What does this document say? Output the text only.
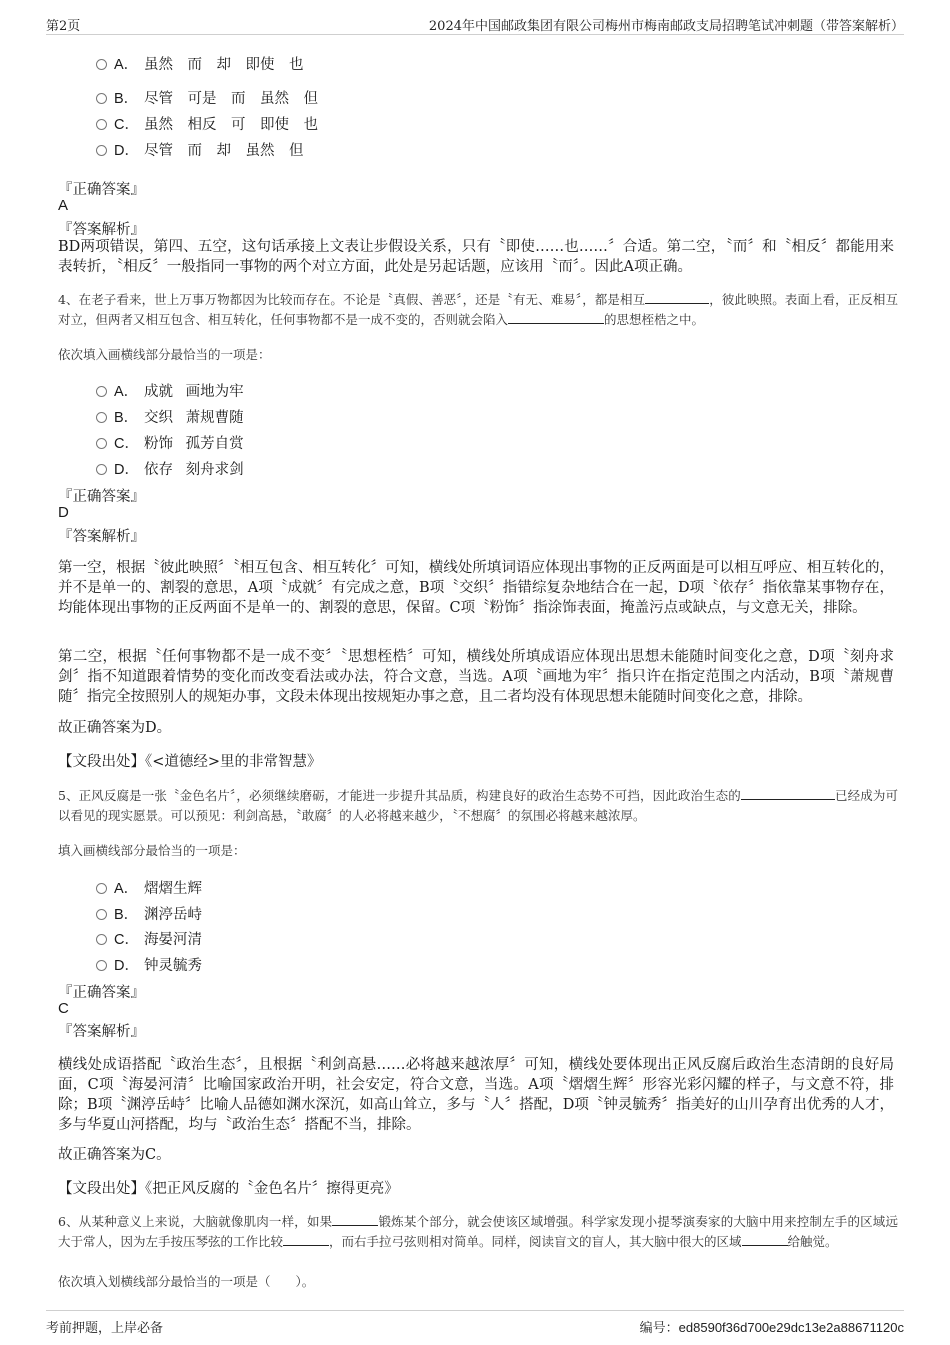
第2页	2024年中国邮政集团有限公司梅州市梅南邮政支局招聘笔试冲刺题（带答案解析）

A．

虽然　而　却　即使　也

B．

尽管　可是　而　虽然　但

C．

虽然　相反　可　即使　也

D．

尽管　而　却　虽然　但

『正确答案』
A
『答案解析』
BD两项错误，第四、五空，这句话承接上文表让步假设关系，只有〝即使……也……〞合适。第二空，〝而〞和〝相反〞都能用来表转折，〝相反〞一般指同一事物的两个对立方面，此处是另起话题，应该用〝而〞。因此A项正确。
4、在老子看来，世上万事万物都因为比较而存在。不论是〝真假、善恶〞，还是〝有无、难易〞，都是相互	，彼此映照。表面上看，正反相互对立，但两者又相互包含、相互转化，任何事物都不是一成不变的，否则就会陷入	的思想桎梏之中。
依次填入画横线部分最恰当的一项是：

A．

成就 画地为牢

B．

交织 萧规曹随

C．

粉饰 孤芳自赏

D．

依存 刻舟求剑

『正确答案』
D
『答案解析』
第一空，根据〝彼此映照〞〝相互包含、相互转化〞可知，横线处所填词语应体现出事物的正反两面是可以相互呼应、相互转化的，并不是单一的、割裂的意思，A项〝成就〞有完成之意，B项〝交织〞指错综复杂地结合在一起，D项〝依存〞指依靠某事物存在，均能体现出事物的正反两面不是单一的、割裂的意思，保留。C项〝粉饰〞指涂饰表面，掩盖污点或缺点，与文意无关，排除。
第二空，根据〝任何事物都不是一成不变〞〝思想桎梏〞可知，横线处所填成语应体现出思想未能随时间变化之意，D项〝刻舟求剑〞指不知道跟着情势的变化而改变看法或办法，符合文意，当选。A项〝画地为牢〞指只许在指定范围之内活动，B项〝萧规曹随〞指完全按照别人的规矩办事，文段未体现出按规矩办事之意，且二者均没有体现思想未能随时间变化之意，排除。
故正确答案为D。
【文段出处】《<道德经>里的非常智慧》
5、正风反腐是一张〝金色名片〞，必须继续磨砺，才能进一步提升其品质，构建良好的政治生态势不可挡，因此政治生态的	已经成为可以看见的现实愿景。可以预见：利剑高悬，〝敢腐〞的人必将越来越少，〝不想腐〞的氛围必将越来越浓厚。
填入画横线部分最恰当的一项是：

A．

熠熠生辉

B．

渊渟岳峙

C．

海晏河清

D．

钟灵毓秀

『正确答案』
C
『答案解析』
横线处成语搭配〝政治生态〞，且根据〝利剑高悬……必将越来越浓厚〞可知，横线处要体现出正风反腐后政治生态清朗的良好局面，C项〝海晏河清〞比喻国家政治开明，社会安定，符合文意，当选。A项〝熠熠生辉〞形容光彩闪耀的样子，与文意不符，排除；B项〝渊渟岳峙〞比喻人品德如渊水深沉，如高山耸立，多与〝人〞搭配，D项〝钟灵毓秀〞指美好的山川孕育出优秀的人才，多与华夏山河搭配，均与〝政治生态〞搭配不当，排除。
故正确答案为C。
【文段出处】《把正风反腐的〝金色名片〞擦得更亮》
6、从某种意义上来说，大脑就像肌肉一样，如果	锻炼某个部分，就会使该区域增强。科学家发现小提琴演奏家的大脑中用来控制左手的区域远大于常人，因为左手按压琴弦的工作比较	，而右手拉弓弦则相对简单。同样，阅读盲文的盲人，其大脑中很大的区域	给触觉。
依次填入划横线部分最恰当的一项是（　　）。
考前押题，上岸必备	编号：ed8590f36d700e29dc13e2a88671120c
